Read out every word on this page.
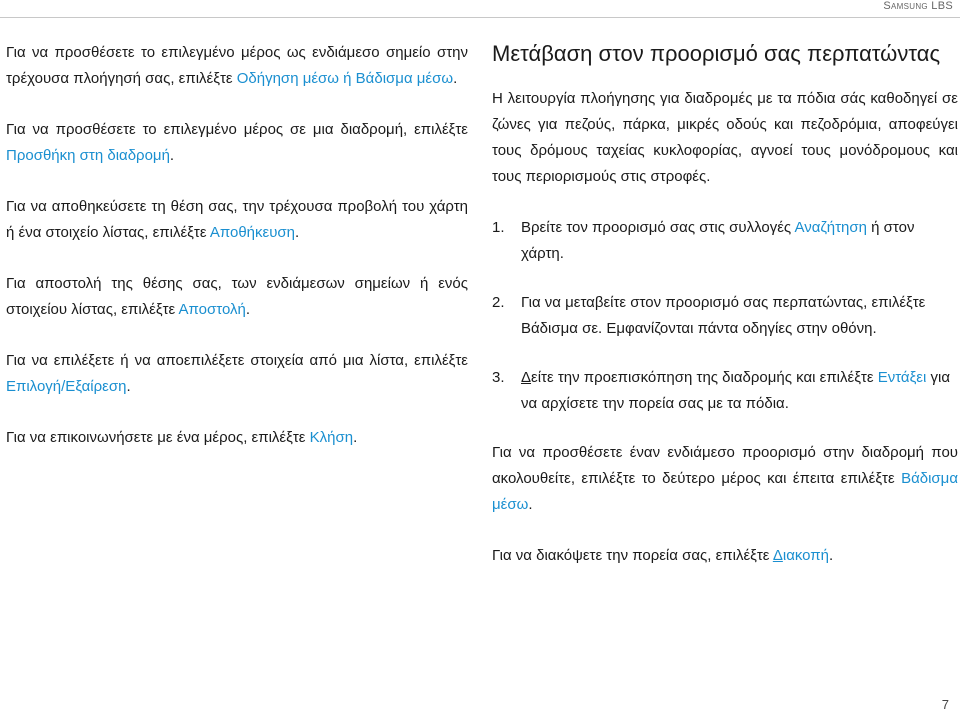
Samsung LBS

Για να προσθέσετε το επιλεγμένο μέρος ως ενδιάμεσο σημείο στην τρέχουσα πλοήγησή σας, επιλέξτε Οδήγηση μέσω ή Βάδισμα μέσω.

Για να προσθέσετε το επιλεγμένο μέρος σε μια διαδρομή, επιλέξτε Προσθήκη στη διαδρομή.

Για να αποθηκεύσετε τη θέση σας, την τρέχουσα προβολή του χάρτη ή ένα στοιχείο λίστας, επιλέξτε Αποθήκευση.

Για αποστολή της θέσης σας, των ενδιάμεσων σημείων ή ενός στοιχείου λίστας, επιλέξτε Αποστολή.

Για να επιλέξετε ή να αποεπιλέξετε στοιχεία από μια λίστα, επιλέξτε Επιλογή/Εξαίρεση.

Για να επικοινωνήσετε με ένα μέρος, επιλέξτε Κλήση.

Μετάβαση στον προορισμό σας περπατώντας

Η λειτουργία πλοήγησης για διαδρομές με τα πόδια σάς καθοδηγεί σε ζώνες για πεζούς, πάρκα, μικρές οδούς και πεζοδρόμια, αποφεύγει τους δρόμους ταχείας κυκλοφορίας, αγνοεί τους μονόδρομους και τους περιορισμούς στις στροφές.

1.	Βρείτε τον προορισμό σας στις συλλογές Αναζήτηση ή στον χάρτη.
2.	Για να μεταβείτε στον προορισμό σας περπατώντας, επιλέξτε Βάδισμα σε. Εμφανίζονται πάντα οδηγίες στην οθόνη.
3.	Δείτε την προεπισκόπηση της διαδρομής και επιλέξτε Εντάξει για να αρχίσετε την πορεία σας με τα πόδια.

Για να προσθέσετε έναν ενδιάμεσο προορισμό στην διαδρομή που ακολουθείτε, επιλέξτε το δεύτερο μέρος και έπειτα επιλέξτε Βάδισμα μέσω.

Για να διακόψετε την πορεία σας, επιλέξτε Διακοπή.

7
